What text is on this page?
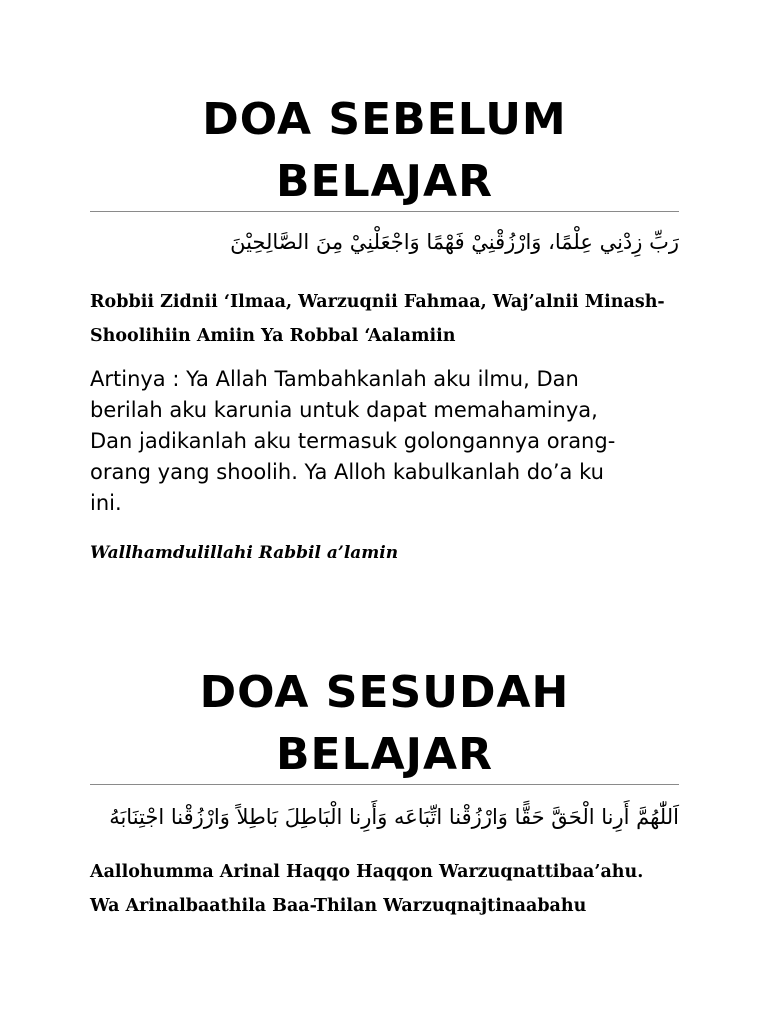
DOA SEBELUM
BELAJAR

رَبِّ زِدْنِي عِلْمًا، وَارْزُقْنِيْ فَهْمًا وَاجْعَلْنِيْ مِنَ الصَّالِحِيْنَ

Robbii Zidnii ‘Ilmaa, Warzuqnii Fahmaa, Waj’alnii Minash-
Shoolihiin Amiin Ya Robbal ‘Aalamiin

Artinya : Ya Allah Tambahkanlah aku ilmu, Dan
berilah aku karunia untuk dapat memahaminya,
Dan jadikanlah aku termasuk golongannya orang-
orang yang shoolih. Ya Alloh kabulkanlah do’a ku
ini.

Wallhamdulillahi Rabbil a’lamin

DOA SESUDAH
BELAJAR

اَللّٰهُمَّ أَرِنا الْحَقَّ حَقًّا وَارْزُقْنا اتِّبَاعَه وَأَرِنا الْبَاطِلَ بَاطِلاً وَارْزُقْنا اجْتِنَابَهُ

Aallohumma Arinal Haqqo Haqqon Warzuqnattibaa’ahu.
Wa Arinalbaathila Baa-Thilan Warzuqnajtinaabahu
